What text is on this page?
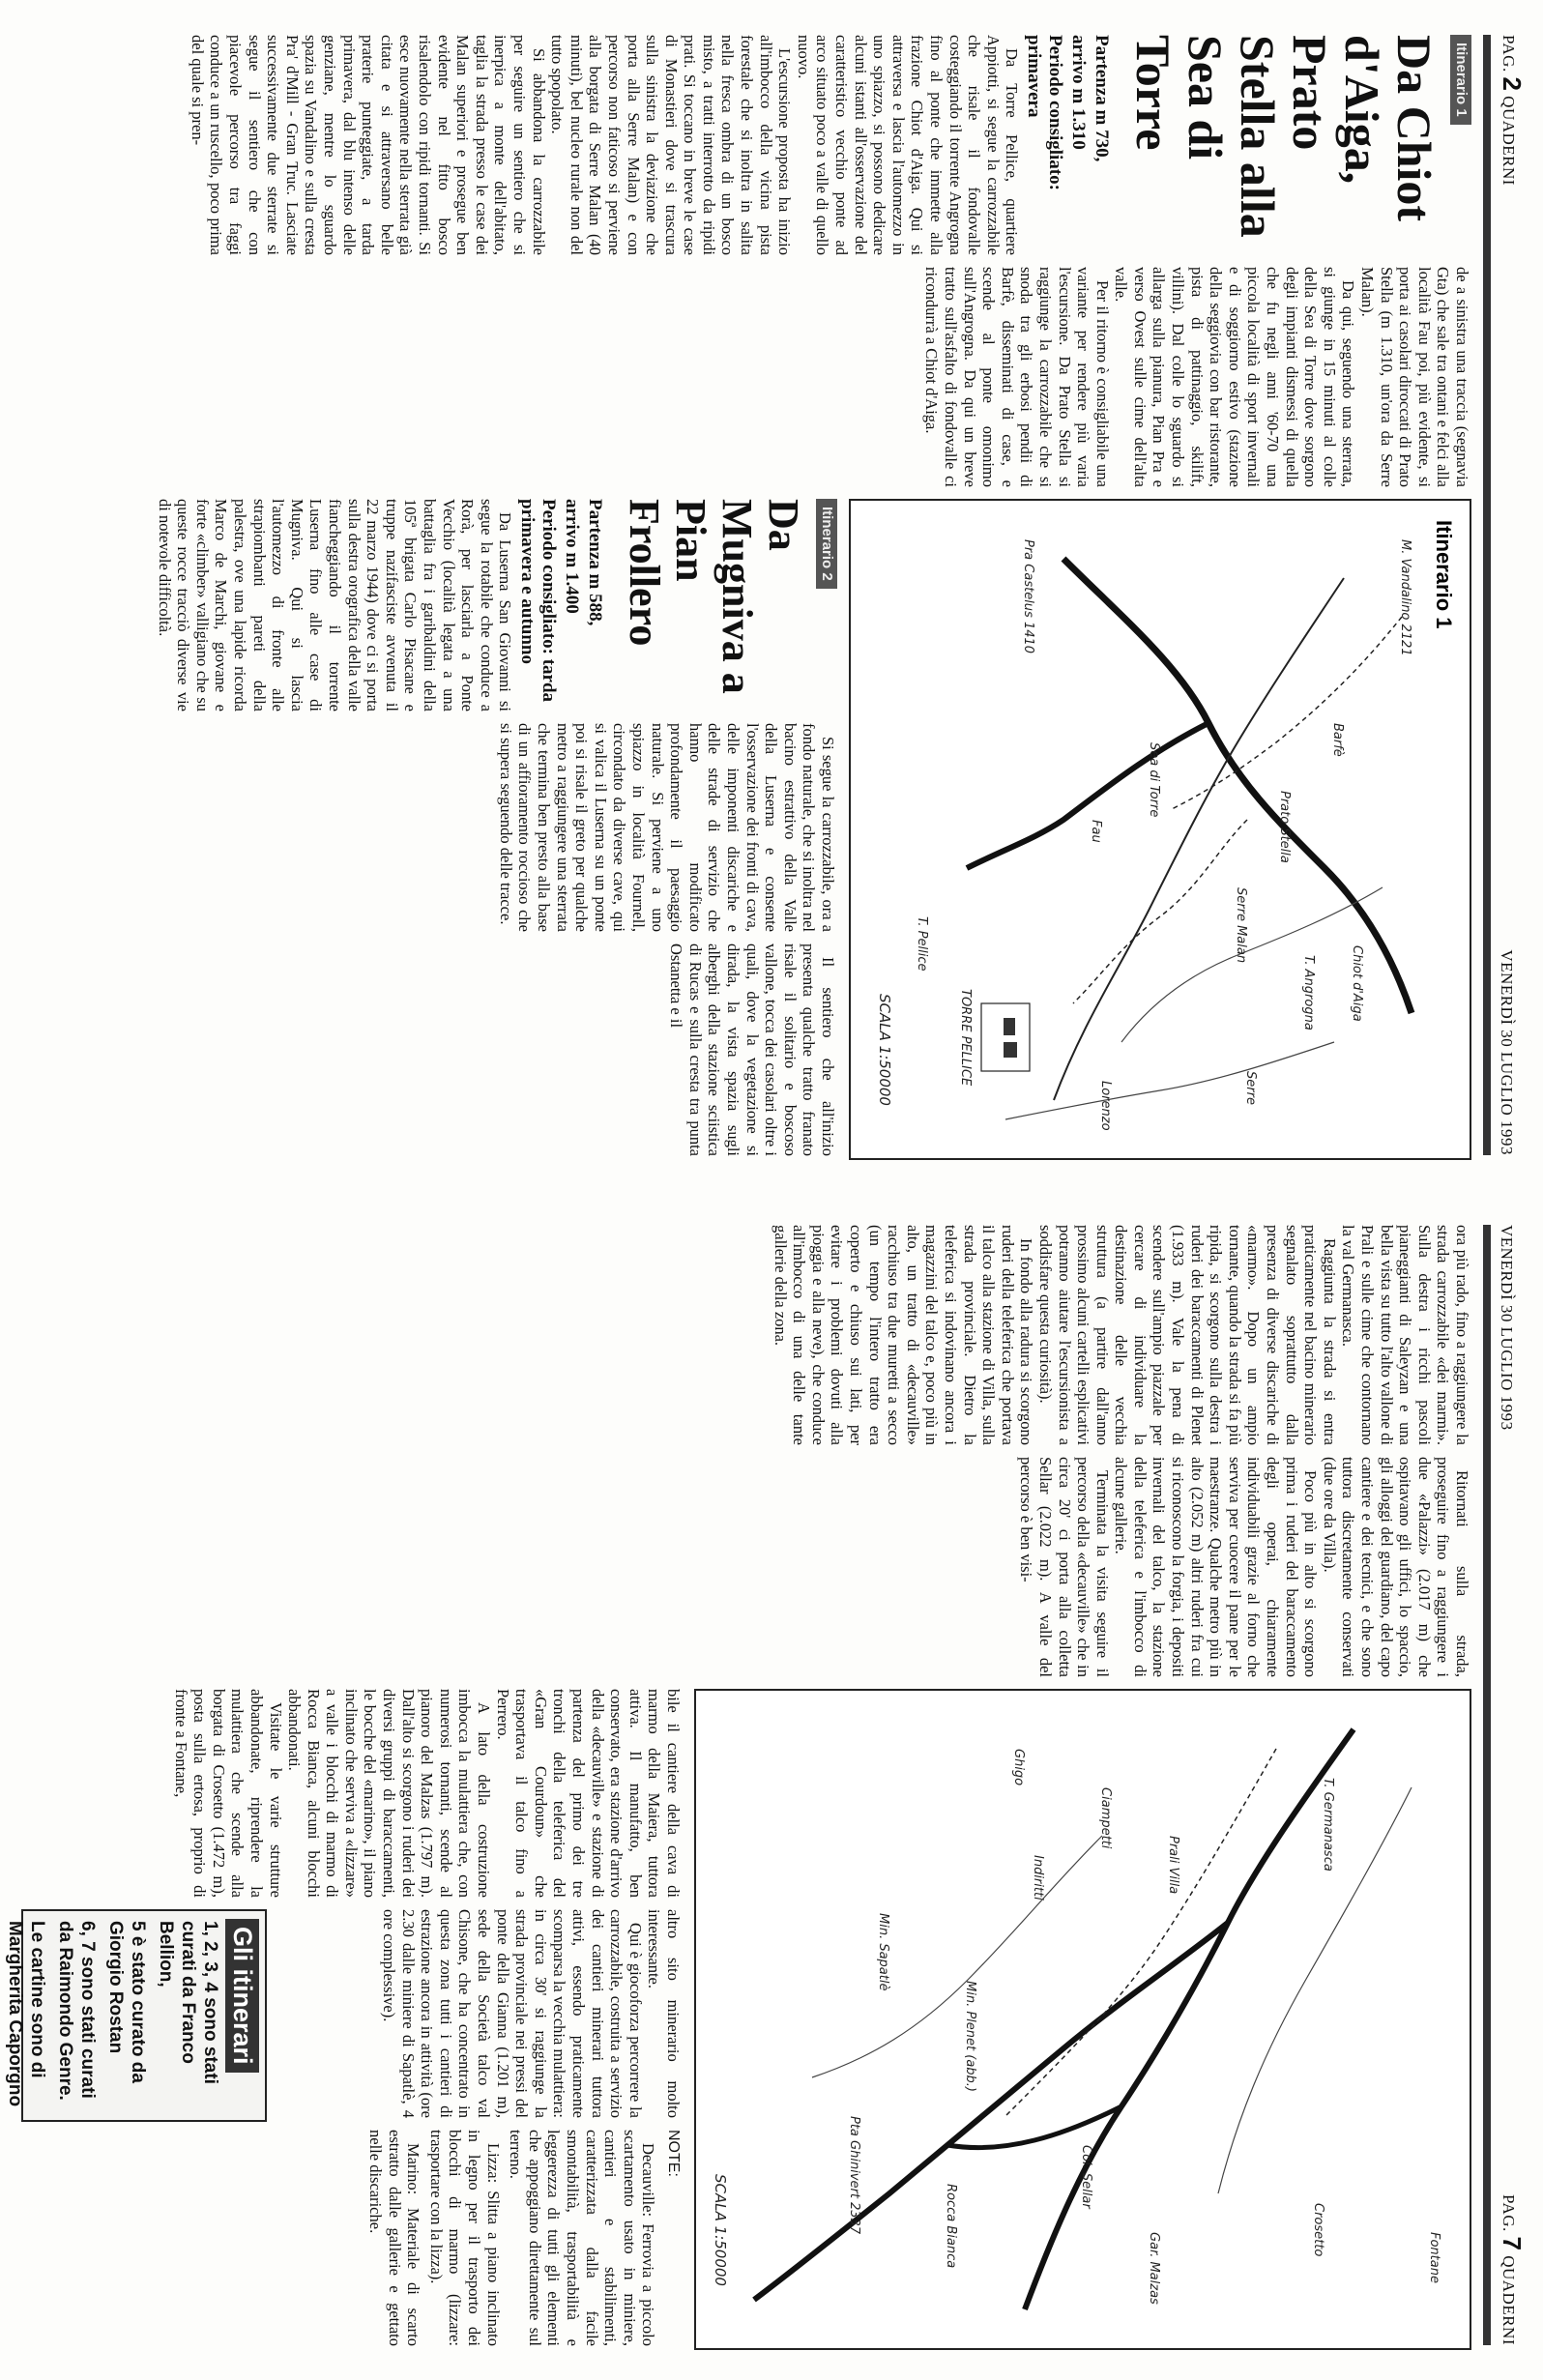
PAG. 2 QUADERNI
VENERDÌ 30 LUGLIO 1993
Itinerario 1
Da Chiot d'Aiga, Prato Stella alla Sea di Torre
Partenza m 730,
arrivo m 1.310
Periodo consigliato: primavera

Da Torre Pellice, quartiere Appiotti, si segue la carrozzabile che risale il fondovalle costeggiando il torrente Angrogna fino al ponte che immette alla frazione Chiot d'Aiga. Qui si attraversa e lascia l'automezzo in uno spiazzo, si possono dedicare alcuni istanti all'osservazione del caratteristico vecchio ponte ad arco situato poco a valle di quello nuovo.

L'escursione proposta ha inizio all'imbocco della vicina pista forestale che si inoltra in salita nella fresca ombra di un bosco misto, a tratti interrotto da ripidi prati. Si toccano in breve le case di Monastieri dove si trascura sulla sinistra la deviazione che porta alla Serre Malan) e con percorso non faticoso si perviene alla borgata di Serre Malan (40 minuti), bel nucleo rurale non del tutto spopolato.

Si abbandona la carrozzabile per seguire un sentiero che si inerpica a monte dell'abitato, taglia la strada presso le case dei Malan superiori e prosegue ben evidente nel fitto bosco risalendolo con ripidi tornanti. Si esce nuovamente nella sterrata già citata e si attraversano belle praterie punteggiate, a tarda primavera, dal blu intenso delle genziane, mentre lo sguardo spazia su Vandalino e sulla cresta Pra' d'Mill - Gran Truc. Lasciate successivamente due sterrate si segue il sentiero che con piacevole percorso tra faggi conduce a un ruscello, poco prima del quale si pren-

de a sinistra una traccia (segnavia Gta) che sale tra ontani e felci alla località Fau poi, più evidente, si porta ai casolari diroccati di Prato Stella (m 1.310, un'ora da Serre Malan).

Da qui, seguendo una sterrata, si giunge in 15 minuti al colle della Sea di Torre dove sorgono degli impianti dismessi di quella che fu negli anni '60-70 una piccola località di sport invernali e di soggiorno estivo (stazione della seggiovia con bar ristorante, pista di pattinaggio, skilift, villini). Dal colle lo sguardo si allarga sulla pianura, Pian Pra e verso Ovest sulle cime dell'alta valle.

Per il ritorno è consigliabile una variante per rendere più varia l'escursione. Da Prato Stella si raggiunge la carrozzabile che si snoda tra gli erbosi pendii di Barfè, disseminati di case, e scende al ponte omonimo sull'Angrogna. Da qui un breve tratto sull'asfalto di fondovalle ci ricondurrà a Chiot d'Aiga.

Itinerario 1
SCALA 1:50000
M. Vandalino 2121
Pra Castelus 1410
Barfè
Sea di Torre
Prato Stella
Serre Malan
Chiot d'Aiga
T. Angrogna
Fau
Serre
Lorenzo
TORRE PELLICE
T. Pellice
Itinerario 2
Da Mugniva a Pian Frollero
Partenza m 588,
arrivo m 1.400
Periodo consigliato: tarda primavera e autunno

Da Luserna San Giovanni si segue la rotabile che conduce a Rorà, per lasciarla a Ponte Vecchio (località legata a una battaglia fra i garibaldini della 105ª brigata Carlo Pisacane e truppe nazifasciste avvenuta il 22 marzo 1944) dove ci si porta sulla destra orografica della valle fiancheggiando il torrente Luserna fino alle case di Mugniva. Qui si lascia l'automezzo di fronte alle strapiombanti pareti della palestra, ove una lapide ricorda Marco de Marchi, giovane e forte «climber» valligiano che su queste rocce tracciò diverse vie di notevole difficoltà.

Si segue la carrozzabile, ora a fondo naturale, che si inoltra nel bacino estrattivo della Valle della Luserna e consente l'osservazione dei fronti di cava, delle imponenti discariche e delle strade di servizio che hanno modificato profondamente il paesaggio naturale. Si perviene a uno spiazzo in località Fournell, circondato da diverse cave, qui si valica il Luserna su un ponte poi si risale il greto per qualche metro a raggiungere una sterrata che termina ben presto alla base di un affioramento roccioso che si supera seguendo delle tracce.

Il sentiero che all'inizio presenta qualche tratto franato risale il solitario e boscoso vallone, tocca dei casolari oltre i quali, dove la vegetazione si dirada, la vista spazia sugli alberghi della stazione sciistica di Rucas e sulla cresta tra punta Ostanetta e il

VENERDÌ 30 LUGLIO 1993
PAG. 7 QUADERNI

ora più rado, fino a raggiungere la strada carrozzabile «dei marmi». Sulla destra i ricchi pascoli pianeggianti di Saleyzan e una bella vista su tutto l'alto vallone di Prali e sulle cime che contornano la val Germanasca.

Raggiunta la strada si entra praticamente nel bacino minerario segnalato soprattutto dalla presenza di diverse discariche di «marmo». Dopo un ampio tornante, quando la strada si fa più ripida, si scorgono sulla destra i ruderi dei baraccamenti di Plenet (1.933 m). Vale la pena di scendere sull'ampio piazzale per cercare di individuare la destinazione delle vecchia struttura (a partire dall'anno prossimo alcuni cartelli esplicativi potranno aiutare l'escursionista a soddisfare questa curiosità).

In fondo alla radura si scorgono ruderi della teleferica che portava il talco alla stazione di Villa, sulla strada provinciale. Dietro la teleferica si indovinano ancora i magazzini del talco e, poco più in alto, un tratto di «decauville» racchiuso tra due muretti a secco (un tempo l'intero tratto era coperto e chiuso sui lati, per evitare i problemi dovuti alla pioggia e alla neve), che conduce all'imbocco di una delle tante gallerie della zona.

Ritornati sulla strada, proseguire fino a raggiungere i due «Palazzi» (2.017 m) che ospitavano gli uffici, lo spaccio, gli alloggi del guardiano, del capo cantiere e dei tecnici, e che sono tuttora discretamente conservati (due ore da Villa).

Poco più in alto si scorgono prima i ruderi del baraccamento degli operai, chiaramente individuabili grazie al forno che serviva per cuocere il pane per le maestranze. Qualche metro più in alto (2.052 m) altri ruderi fra cui si riconoscono la forgia, i depositi invernali del talco, la stazione della teleferica e l'imbocco di alcune gallerie.

Terminata la visita seguire il percorso della «decauville» che in circa 20' ci porta alla colletta Sellar (2.022 m). A valle del percorso è ben visi-

SCALA 1:50000	Fontane
Crosetto
Gar. Malzas
Col. Sellar
Rocca Bianca
Pta Ghinivert 2337
Min. Plenet (abb.)
Min. Sapatlè
Prali Villa
Indiritti
Ghigo
Ciampetti	T. Germanasca

bile il cantiere della cava di marmo della Maiera, tuttora attiva. Il manufatto, ben conservato, era stazione d'arrivo della «decauville» e stazione di partenza del primo dei tre tronchi della teleferica del «Gran Courdoun» che trasportava il talco fino a Perrero.

A lato della costruzione imbocca la mulattiera che, con numerosi tornanti, scende al pianoro del Malzas (1.797 m). Dall'alto si scorgono i ruderi dei diversi gruppi di baraccamenti, le bocche del «marino», il piano inclinato che serviva a «lizzare» a valle i blocchi di marmo di Rocca Bianca, alcuni blocchi abbandonati.

Visitate le varie strutture abbandonate, riprendere la mulattiera che scende alla borgata di Crosetto (1.472 m), posta sulla ertosa, proprio di fronte a Fontane,

altro sito minerario molto interessante.

Qui è giocoforza percorrere la carrozzabile, costruita a servizio dei cantieri minerari tuttora attivi, essendo praticamente scomparsa la vecchia mulattiera: in circa 30' si raggiunge la strada provinciale nei pressi del ponte della Gianna (1.201 m), sede della Società talco val Chisone, che ha concentrato in questa zona tutti i cantieri di estrazione ancora in attività (ore 2.30 dalle miniere di Sapatlè, 4 ore complessive).

Gli itinerari

1, 2, 3, 4 sono stati curati da Franco Bellion,

5 è stato curato da Giorgio Rostan

6, 7 sono stati curati da Raimondo Genre.

Le cartine sono di Margherita Caporgno

NOTE:

Decauville: Ferrovia a piccolo scartamento usato in miniere, cantieri e stabilimenti, caratterizzata dalla facile smontabilità, trasportabilità e leggerezza di tutti gli elementi che appoggiano direttamente sul terreno.

Lizza: Slitta a piano inclinato in legno per il trasporto dei blocchi di marmo (lizzare: trasportare con la lizza).

Marino: Materiale di scarto estratto dalle gallerie e gettato nelle discariche.
